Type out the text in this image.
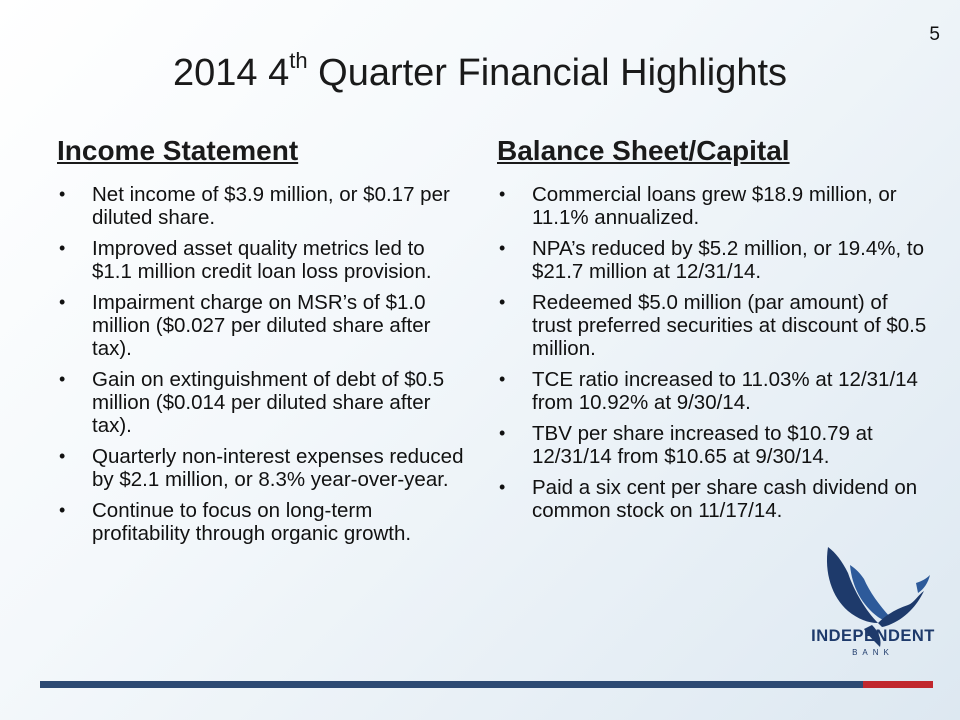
5
2014 4th Quarter Financial Highlights
Income Statement
• Net income of $3.9 million, or $0.17 per diluted share.
• Improved asset quality metrics led to $1.1 million credit loan loss provision.
• Impairment charge on MSR’s of $1.0 million ($0.027 per diluted share after tax).
• Gain on extinguishment of debt of $0.5 million ($0.014 per diluted share after tax).
• Quarterly non-interest expenses reduced by $2.1 million, or 8.3% year-over-year.
• Continue to focus on long-term profitability through organic growth.
Balance Sheet/Capital
• Commercial loans grew $18.9 million, or 11.1% annualized.
• NPA’s reduced by $5.2 million, or 19.4%, to $21.7 million at 12/31/14.
• Redeemed $5.0 million (par amount) of trust preferred securities at discount of $0.5 million.
• TCE ratio increased to 11.03% at 12/31/14 from 10.92% at 9/30/14.
• TBV per share increased to $10.79 at 12/31/14 from $10.65 at 9/30/14.
• Paid a six cent per share cash dividend on common stock on 11/17/14.
INDEPENDENT
BANK
